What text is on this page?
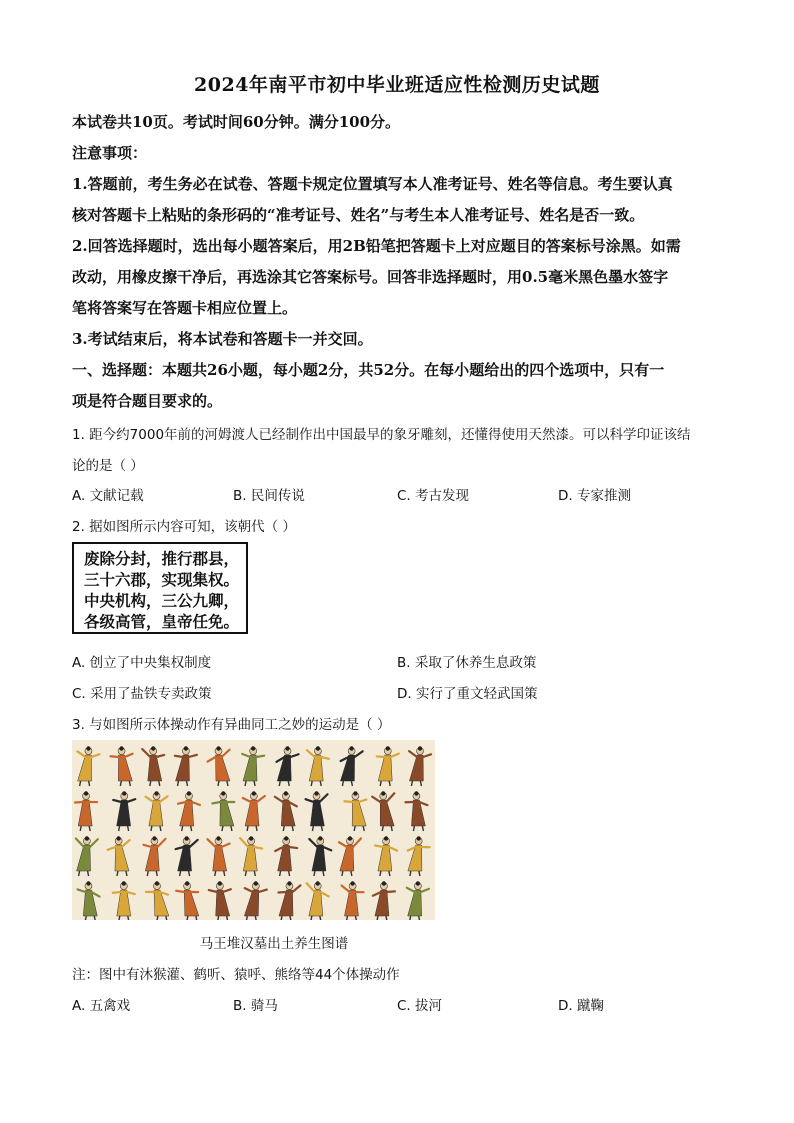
2024年南平市初中毕业班适应性检测历史试题
本试卷共10页。考试时间60分钟。满分100分。
注意事项：
1.答题前，考生务必在试卷、答题卡规定位置填写本人准考证号、姓名等信息。考生要认真
核对答题卡上粘贴的条形码的“准考证号、姓名”与考生本人准考证号、姓名是否一致。
2.回答选择题时，选出每小题答案后，用2B铅笔把答题卡上对应题目的答案标号涂黑。如需
改动，用橡皮擦干净后，再选涂其它答案标号。回答非选择题时，用0.5毫米黑色墨水签字
笔将答案写在答题卡相应位置上。
3.考试结束后，将本试卷和答题卡一并交回。
一、选择题：本题共26小题，每小题2分，共52分。在每小题给出的四个选项中，只有一
项是符合题目要求的。
1. 距今约7000年前的河姆渡人已经制作出中国最早的象牙雕刻，还懂得使用天然漆。可以科学印证该结
论的是（ ）
A. 文献记载	B. 民间传说	C. 考古发现	D. 专家推测
2. 据如图所示内容可知，该朝代（ ）
废除分封，推行郡县，
三十六郡，实现集权。
中央机构，三公九卿，
各级高管，皇帝任免。
A. 创立了中央集权制度	B. 采取了休养生息政策
C. 采用了盐铁专卖政策	D. 实行了重文轻武国策
3. 与如图所示体操动作有异曲同工之妙的运动是（ ）
马王堆汉墓出土养生图谱
注：图中有沐猴灌、鹤听、猿呼、熊络等44个体操动作
A. 五禽戏	B. 骑马	C. 拔河	D. 蹴鞠
